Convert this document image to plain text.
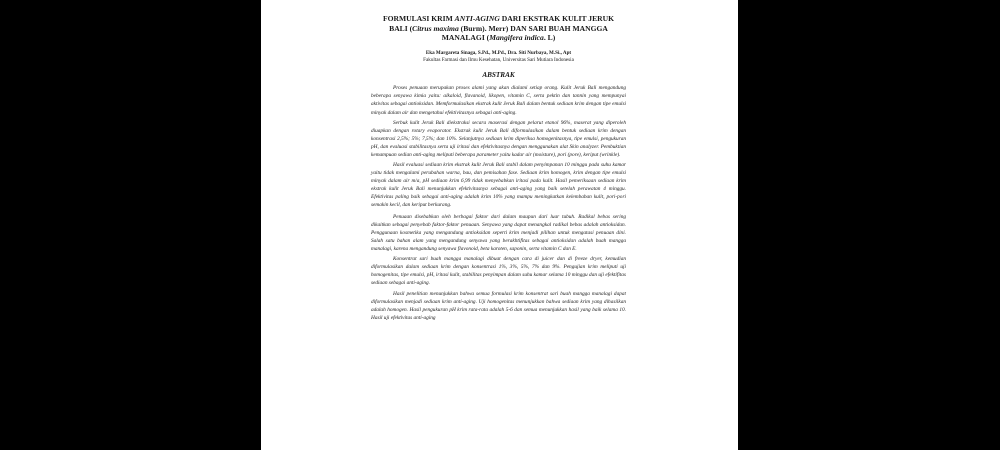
FORMULASI KRIM ANTI-AGING DARI EKSTRAK KULIT JERUK
BALI (Citrus maxima (Burm). Merr) DAN SARI BUAH MANGGA
MANALAGI (Mangifera indica. L)
Eka Margareta Sinaga, S.Pd., M.Pd., Dra. Siti Nurbaya, M.Si., Apt
Fakultas Farmasi dan Ilmu Kesehatan, Universitas Sari Mutiara Indonesia
ABSTRAK

Proses penuaan merupakan proses alami yang akan dialami setiap orang. Kulit Jeruk Bali mengandung beberapa senyawa kimia yaitu: alkaloid, flavanoid, likopen, vitamin C, serta pektin dan tannin yang mempunyai aktivitas sebagai antioksidan. Memformulasikan ekstrak kulit Jeruk Bali dalam bentuk sediaan krim dengan tipe emulsi minyak dalam air dan mengetahui efektivitasnya sebagai anti-aging.

Serbuk kulit Jeruk Bali diekstraksi secara maserasi dengan pelarut etanol 96%, maserat yang diperoleh diuapkan dengan rotary evaporator. Ekstrak kulit Jeruk Bali diformulasikan dalam bentuk sediaan krim dengan konsentrasi 2,5%; 5%; 7,5%; dan 10%. Selanjutnya sediaan krim diperiksa homogenitasnya, tipe emulsi, pengukuran pH, dan evaluasi stabilitasnya serta uji iritasi dan efektivitasnya dengan menggunakan alat Skin analyzer. Pembuktian kemampuan sedian anti-aging meliputi beberapa parameter yaitu kadar air (moisture), pori (pore), keriput (wrinkle).

Hasil evaluasi sediaan krim ekstrak kulit Jeruk Bali stabil dalam penyimpanan 10 minggu pada suhu kamar yaitu tidak mengalami perubahan warna, bau, dan pemisahan fase. Sediaan krim homogen, krim dengan tipe emulsi minyak dalam air m/a, pH sediaan krim 6,99 tidak menyebabkan iritasi pada kulit. Hasil pemeriksaan sediaan krim ekstrak kulit Jeruk Bali menunjukkan efektivitasnya sebagai anti-aging yang baik setelah perawatan 4 minggu. Efektivitas paling baik sebagai anti-aging adalah krim 10% yang mampu meningkatkan kelembaban kulit, pori-pori semakin kecil, dan keriput berkurang.

Penuaan disebabkan oleh berbagai faktor dari dalam maupun dari luar tubuh. Radikal bebas sering dikaitkan sebagai penyebab faktor-faktor penuaan. Senyawa yang dapat menangkal radikal bebas adalah antioksidan. Penggunaan kosmetika yang mengandung antioksidan seperti krim menjadi pilihan untuk mengatasi penuaan dini. Salah satu bahan alam yang mengandung senyawa yang berakhtifitas sebagai antioksidan adalah buah mangga manalagi, karena mengandung senyawa flavonoid, beta karoten, saponin, serta vitamin C dan E.

Konsentrat sari buah mangga manalagi dibuat dengan cara di juicer dan di freeze dryer, kemudian diformulasikan dalam sediaan krim dengan konsentrasi 1%, 3%, 5%, 7% dan 9%. Pengujian krim meliputi uji homogenitas, tipe emulsi, pH, iritasi kulit, stabilitas penyimpan dalam suhu kamar selama 10 minggu dan uji efektifitas sediaan sebagai anti-aging.

Hasil penelitian menunjukkan bahwa semua formulasi krim konsentrat sari buah mangga manalagi dapat diformulasikan menjadi sediaan krim anti-aging. Uji homogenitas menunjukkan bahwa sediaan krim yang dihasilkan adalah homogen. Hasil pengukuran pH krim rata-rata adalah 5-6 dan semua menunjukkan hasil yang baik selama 10. Hasil uji efektivitas anti-aging
